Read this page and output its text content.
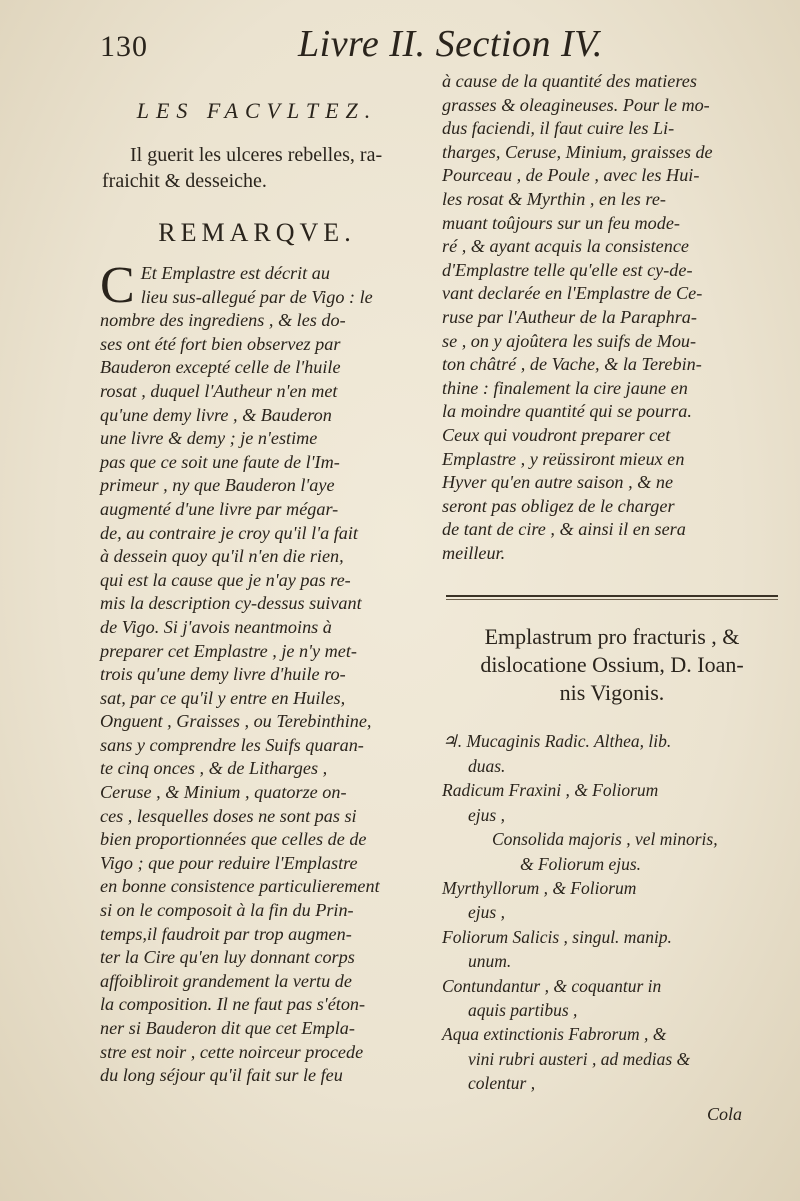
130	Livre II. Section IV.
LES FACVLTEZ.

Il guerit les ulceres rebelles, ra-
fraichit & desseiche.

REMARQVE.
C Et Emplastre est décrit au
lieu sus-allegué par de Vigo : le
nombre des ingrediens , & les do-
ses ont été fort bien observez par
Bauderon excepté celle de l'huile
rosat , duquel l'Autheur n'en met
qu'une demy livre , & Bauderon
une livre & demy ; je n'estime
pas que ce soit une faute de l'Im-
primeur , ny que Bauderon l'aye
augmenté d'une livre par mégar-
de, au contraire je croy qu'il l'a fait
à dessein quoy qu'il n'en die rien,
qui est la cause que je n'ay pas re-
mis la description cy-dessus suivant
de Vigo. Si j'avois neantmoins à
preparer cet Emplastre , je n'y met-
trois qu'une demy livre d'huile ro-
sat, par ce qu'il y entre en Huiles,
Onguent , Graisses , ou Terebinthine,
sans y comprendre les Suifs quaran-
te cinq onces , & de Litharges ,
Ceruse , & Minium , quatorze on-
ces , lesquelles doses ne sont pas si
bien proportionnées que celles de de
Vigo ; que pour reduire l'Emplastre
en bonne consistence particulierement
si on le composoit à la fin du Prin-
temps,il faudroit par trop augmen-
ter la Cire qu'en luy donnant corps
affoibliroit grandement la vertu de
la composition. Il ne faut pas s'éton-
ner si Bauderon dit que cet Empla-
stre est noir , cette noirceur procede
du long séjour qu'il fait sur le feu
à cause de la quantité des matieres
grasses & oleagineuses. Pour le mo-
dus faciendi, il faut cuire les Li-
tharges, Ceruse, Minium, graisses de
Pourceau , de Poule , avec les Hui-
les rosat & Myrthin , en les re-
muant toûjours sur un feu mode-
ré , & ayant acquis la consistence
d'Emplastre telle qu'elle est cy-de-
vant declarée en l'Emplastre de Ce-
ruse par l'Autheur de la Paraphra-
se , on y ajoûtera les suifs de Mou-
ton châtré , de Vache, & la Terebin-
thine : finalement la cire jaune en
la moindre quantité qui se pourra.
Ceux qui voudront preparer cet
Emplastre , y reüssiront mieux en
Hyver qu'en autre saison , & ne
seront pas obligez de le charger
de tant de cire , & ainsi il en sera
meilleur.
Emplastrum pro fracturis , &
dislocatione Ossium, D. Ioan-
nis Vigonis.
♃. Mucaginis Radic. Althea, lib.
duas.
Radicum Fraxini , & Foliorum
ejus ,
Consolida majoris , vel minoris,
& Foliorum ejus.
Myrthyllorum , & Foliorum
ejus ,
Foliorum Salicis , singul. manip.
unum.
Contundantur , & coquantur in
aquis partibus ,
Aqua extinctionis Fabrorum , &
vini rubri austeri , ad medias &
colentur ,
Cola
